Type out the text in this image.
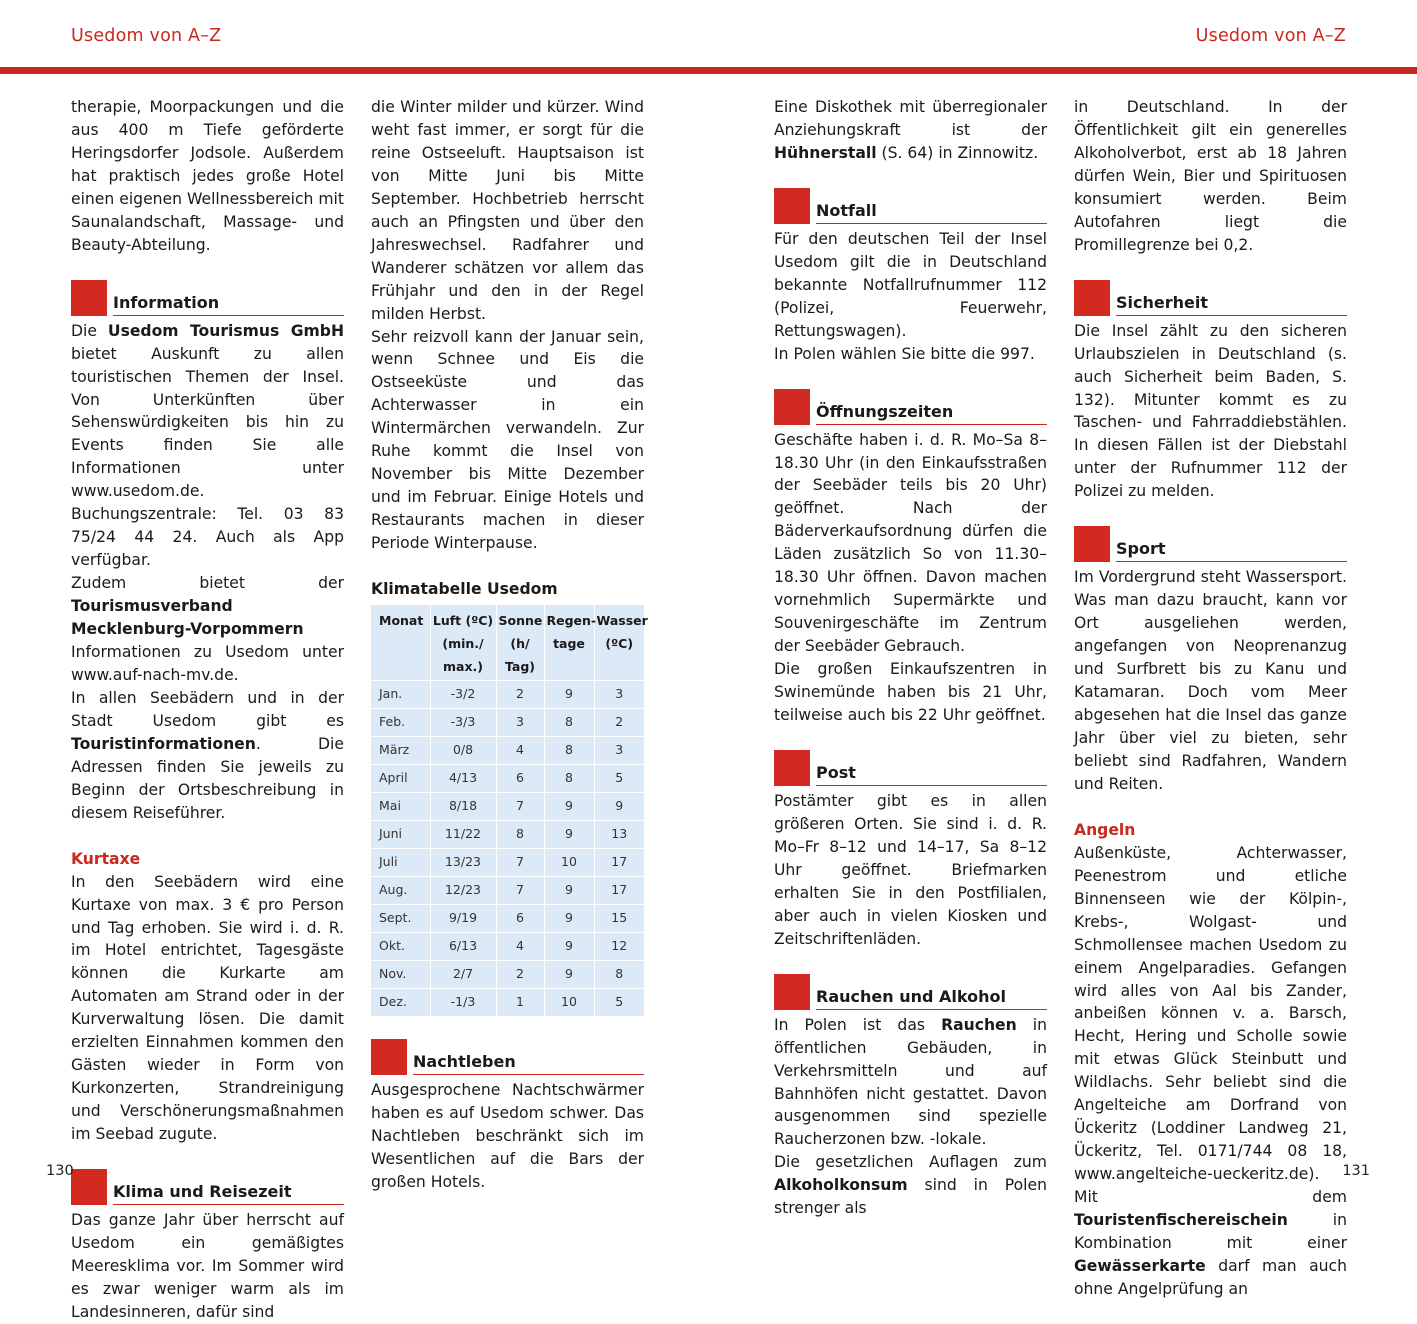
Usedom von A–Z	Usedom von A–Z

therapie, Moorpackungen und die aus 400 m Tiefe geförderte Heringsdorfer Jodsole. Außerdem hat praktisch jedes große Hotel einen eigenen Wellnessbereich mit Saunalandschaft, Massage- und Beauty-Abteilung.

Information

Die Usedom Tourismus GmbH bietet Auskunft zu allen touristischen Themen der Insel. Von Unterkünften über Sehenswürdigkeiten bis hin zu Events finden Sie alle Informationen unter www.usedom.de. Buchungszentrale: Tel. 03 83 75/24 44 24. Auch als App verfügbar.

Zudem bietet der Tourismusverband Mecklenburg-Vorpommern Informationen zu Usedom unter www.auf-nach-mv.de.

In allen Seebädern und in der Stadt Usedom gibt es Touristinformationen. Die Adressen finden Sie jeweils zu Beginn der Ortsbeschreibung in diesem Reiseführer.

Kurtaxe

In den Seebädern wird eine Kurtaxe von max. 3 € pro Person und Tag erhoben. Sie wird i. d. R. im Hotel entrichtet, Tagesgäste können die Kurkarte am Automaten am Strand oder in der Kurverwaltung lösen. Die damit erzielten Einnahmen kommen den Gästen wieder in Form von Kurkonzerten, Strandreinigung und Verschönerungsmaßnahmen im Seebad zugute.

Klima und Reisezeit

Das ganze Jahr über herrscht auf Usedom ein gemäßigtes Meeresklima vor. Im Sommer wird es zwar weniger warm als im Landesinneren, dafür sind

die Winter milder und kürzer. Wind weht fast immer, er sorgt für die reine Ostseeluft. Hauptsaison ist von Mitte Juni bis Mitte September. Hochbetrieb herrscht auch an Pfingsten und über den Jahreswechsel. Radfahrer und Wanderer schätzen vor allem das Frühjahr und den in der Regel milden Herbst.

Sehr reizvoll kann der Januar sein, wenn Schnee und Eis die Ostseeküste und das Achterwasser in ein Wintermärchen verwandeln. Zur Ruhe kommt die Insel von November bis Mitte Dezember und im Februar. Einige Hotels und Restaurants machen in dieser Periode Winterpause.

Klimatabelle Usedom
Monat	Luft (ºC) (min./ max.)	Sonne (h/ Tag)	Regen- tage	Wasser (ºC)
Jan.	-3/2	2	9	3
Feb.	-3/3	3	8	2
März	0/8	4	8	3
April	4/13	6	8	5
Mai	8/18	7	9	9
Juni	11/22	8	9	13
Juli	13/23	7	10	17
Aug.	12/23	7	9	17
Sept.	9/19	6	9	15
Okt.	6/13	4	9	12
Nov.	2/7	2	9	8
Dez.	-1/3	1	10	5
Nachtleben

Ausgesprochene Nachtschwärmer haben es auf Usedom schwer. Das Nachtleben beschränkt sich im Wesentlichen auf die Bars der großen Hotels.

Eine Diskothek mit überregionaler Anziehungskraft ist der Hühnerstall (S. 64) in Zinnowitz.

Notfall

Für den deutschen Teil der Insel Usedom gilt die in Deutschland bekannte Notfallrufnummer 112 (Polizei, Feuerwehr, Rettungswagen).

In Polen wählen Sie bitte die 997.

Öffnungszeiten

Geschäfte haben i. d. R. Mo–Sa 8–18.30 Uhr (in den Einkaufsstraßen der Seebäder teils bis 20 Uhr) geöffnet. Nach der Bäderverkaufsordnung dürfen die Läden zusätzlich So von 11.30–18.30 Uhr öffnen. Davon machen vornehmlich Supermärkte und Souvenirgeschäfte im Zentrum der Seebäder Gebrauch.

Die großen Einkaufszentren in Swinemünde haben bis 21 Uhr, teilweise auch bis 22 Uhr geöffnet.

Post

Postämter gibt es in allen größeren Orten. Sie sind i. d. R. Mo–Fr 8–12 und 14–17, Sa 8–12 Uhr geöffnet. Briefmarken erhalten Sie in den Postfilialen, aber auch in vielen Kiosken und Zeitschriftenläden.

Rauchen und Alkohol

In Polen ist das Rauchen in öffentlichen Gebäuden, in Verkehrsmitteln und auf Bahnhöfen nicht gestattet. Davon ausgenommen sind spezielle Raucherzonen bzw. -lokale.

Die gesetzlichen Auflagen zum Alkoholkonsum sind in Polen strenger als

in Deutschland. In der Öffentlichkeit gilt ein generelles Alkoholverbot, erst ab 18 Jahren dürfen Wein, Bier und Spirituosen konsumiert werden. Beim Autofahren liegt die Promillegrenze bei 0,2.

Sicherheit

Die Insel zählt zu den sicheren Urlaubszielen in Deutschland (s. auch Sicherheit beim Baden, S. 132). Mitunter kommt es zu Taschen- und Fahrraddiebstählen. In diesen Fällen ist der Diebstahl unter der Rufnummer 112 der Polizei zu melden.

Sport

Im Vordergrund steht Wassersport. Was man dazu braucht, kann vor Ort ausgeliehen werden, angefangen von Neoprenanzug und Surfbrett bis zu Kanu und Katamaran. Doch vom Meer abgesehen hat die Insel das ganze Jahr über viel zu bieten, sehr beliebt sind Radfahren, Wandern und Reiten.

Angeln

Außenküste, Achterwasser, Peenestrom und etliche Binnenseen wie der Kölpin-, Krebs-, Wolgast- und Schmollensee machen Usedom zu einem Angelparadies. Gefangen wird alles von Aal bis Zander, anbeißen können v. a. Barsch, Hecht, Hering und Scholle sowie mit etwas Glück Steinbutt und Wildlachs. Sehr beliebt sind die Angelteiche am Dorfrand von Ückeritz (Loddiner Landweg 21, Ückeritz, Tel. 0171/744 08 18, www.angelteiche-ueckeritz.de).

Mit dem Touristenfischereischein in Kombination mit einer Gewässerkarte darf man auch ohne Angelprüfung an

130	131
